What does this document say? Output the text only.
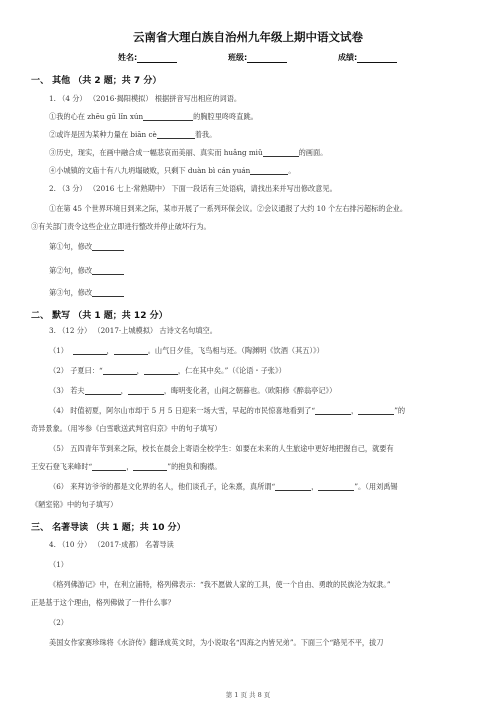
云南省大理白族自治州九年级上期中语文试卷
姓名:	班级:	成绩:
一、 其他 （共 2 题；共 7 分）
1. （4 分） （2016·揭阳模拟） 根据拼音写出相应的词语。
①我的心在 zhēu gū lǐn xún	的胸腔里咚咚直跳。
②或许是因为某种力量在 biān cè	着我。
③历史，现实，在画中融合成一幅悲哀而美丽、真实而 huǎng miǔ	的画面。
④小城镇的文庙十有八九坍塌破败，只剩下 duàn bì cán yuán	。
2. （3 分） （2016 七上·常熟期中） 下面一段话有三处语病，请找出来并写出修改意见。
①在第 45 个世界环境日到来之际，某市开展了一系列环保会议。②会议通报了大约 10 个左右排污超标的企业。
③有关部门责令这些企业立即进行整改并停止破坏行为。
第①句，修改
第②句，修改
第③句，修改
二、 默写 （共 1 题；共 12 分）
3. （12 分） （2017·上城模拟） 古诗文名句填空。
（1）	，	。山气日夕佳，飞鸟相与还。（陶渊明《饮酒（其五）》）
（2） 子夏曰：“	，	，仁在其中矣。”（《论语・子张》）
（3） 若夫	，	，晦明变化者，山间之朝暮也。（欧阳修《醉翁亭记》）
（4） 时值初夏，阿尔山市却于 5 月 5 日迎来一场大雪，早起的市民惊喜地看到了“	，	”的
奇异景象。（用岑参《白雪歌送武判官归京》中的句子填写）
（5） 五四青年节到来之际，校长在晨会上寄语全校学生：如要在未来的人生旅途中更好地把握自己，就要有
王安石登飞来峰时“	，	”的抱负和胸襟。
（6） 来拜访爷爷的都是文化界的名人，他们谈孔子，论朱熹，真所谓“	，	”。（用刘禹锡
《陋室铭》中的句子填写）
三、 名著导读 （共 1 题；共 10 分）
4. （10 分） （2017·成都） 名著导读
（1）
《格列佛游记》中，在利立浦特，格列佛表示：“我不愿做人家的工具，使一个自由、勇敢的民族沦为奴隶。”
正是基于这个理由，格列佛做了一件什么事？
（2）
美国女作家赛珍珠将《水浒传》翻译成英文时，为小说取名“四海之内皆兄弟”。下面三个“路见不平，拔刀
第 1 页 共 8 页
